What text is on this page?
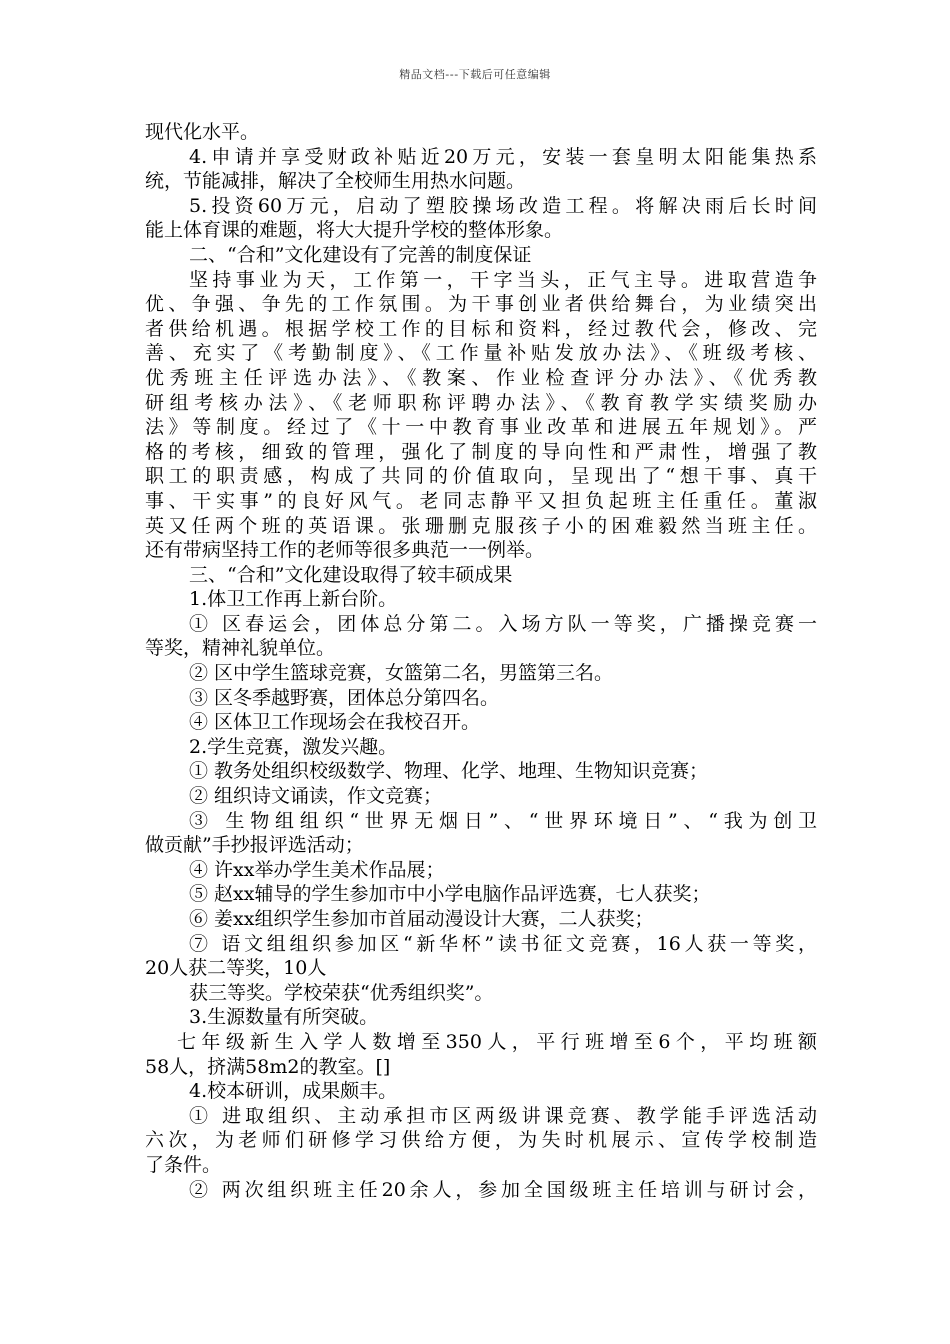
精品文档---下载后可任意编辑
现代化水平。
4.申请并享受财政补贴近20万元，安装一套皇明太阳能集热系
统，节能减排，解决了全校师生用热水问题。
5.投资60万元，启动了塑胶操场改造工程。将解决雨后长时间
能上体育课的难题，将大大提升学校的整体形象。
二、“合和”文化建设有了完善的制度保证
坚持事业为天，工作第一，干字当头，正气主导。进取营造争
优、争强、争先的工作氛围。为干事创业者供给舞台，为业绩突出
者供给机遇。根据学校工作的目标和资料，经过教代会，修改、完
善、充实了《考勤制度》、《工作量补贴发放办法》、《班级考核、
优秀班主任评选办法》、《教案、作业检查评分办法》、《优秀教
研组考核办法》、《老师职称评聘办法》、《教育教学实绩奖励办
法》等制度。经过了《十一中教育事业改革和进展五年规划》。严
格的考核，细致的管理，强化了制度的导向性和严肃性，增强了教
职工的职责感，构成了共同的价值取向，呈现出了“想干事、真干
事、干实事”的良好风气。老同志静平又担负起班主任重任。董淑
英又任两个班的英语课。张珊删克服孩子小的困难毅然当班主任。
还有带病坚持工作的老师等很多典范一一例举。
三、“合和”文化建设取得了较丰硕成果
1.体卫工作再上新台阶。
① 区春运会，团体总分第二。入场方队一等奖，广播操竞赛一
等奖，精神礼貌单位。
② 区中学生篮球竞赛，女篮第二名，男篮第三名。
③ 区冬季越野赛，团体总分第四名。
④ 区体卫工作现场会在我校召开。
2.学生竞赛，激发兴趣。
① 教务处组织校级数学、物理、化学、地理、生物知识竞赛；
② 组织诗文诵读，作文竞赛；
③ 生物组组织“世界无烟日”、“世界环境日”、“我为创卫
做贡献”手抄报评选活动；
④ 许xx举办学生美术作品展；
⑤ 赵xx辅导的学生参加市中小学电脑作品评选赛，七人获奖；
⑥ 姜xx组织学生参加市首届动漫设计大赛，二人获奖；
⑦ 语文组组织参加区“新华杯”读书征文竞赛，16人获一等奖，
20人获二等奖，10人
获三等奖。学校荣获“优秀组织奖”。
3.生源数量有所突破。
七年级新生入学人数增至350人，平行班增至6个，平均班额
58人，挤满58m2的教室。[]
4.校本研训，成果颇丰。
① 进取组织、主动承担市区两级讲课竞赛、教学能手评选活动
六次，为老师们研修学习供给方便，为失时机展示、宣传学校制造
了条件。
② 两次组织班主任20余人，参加全国级班主任培训与研讨会，
